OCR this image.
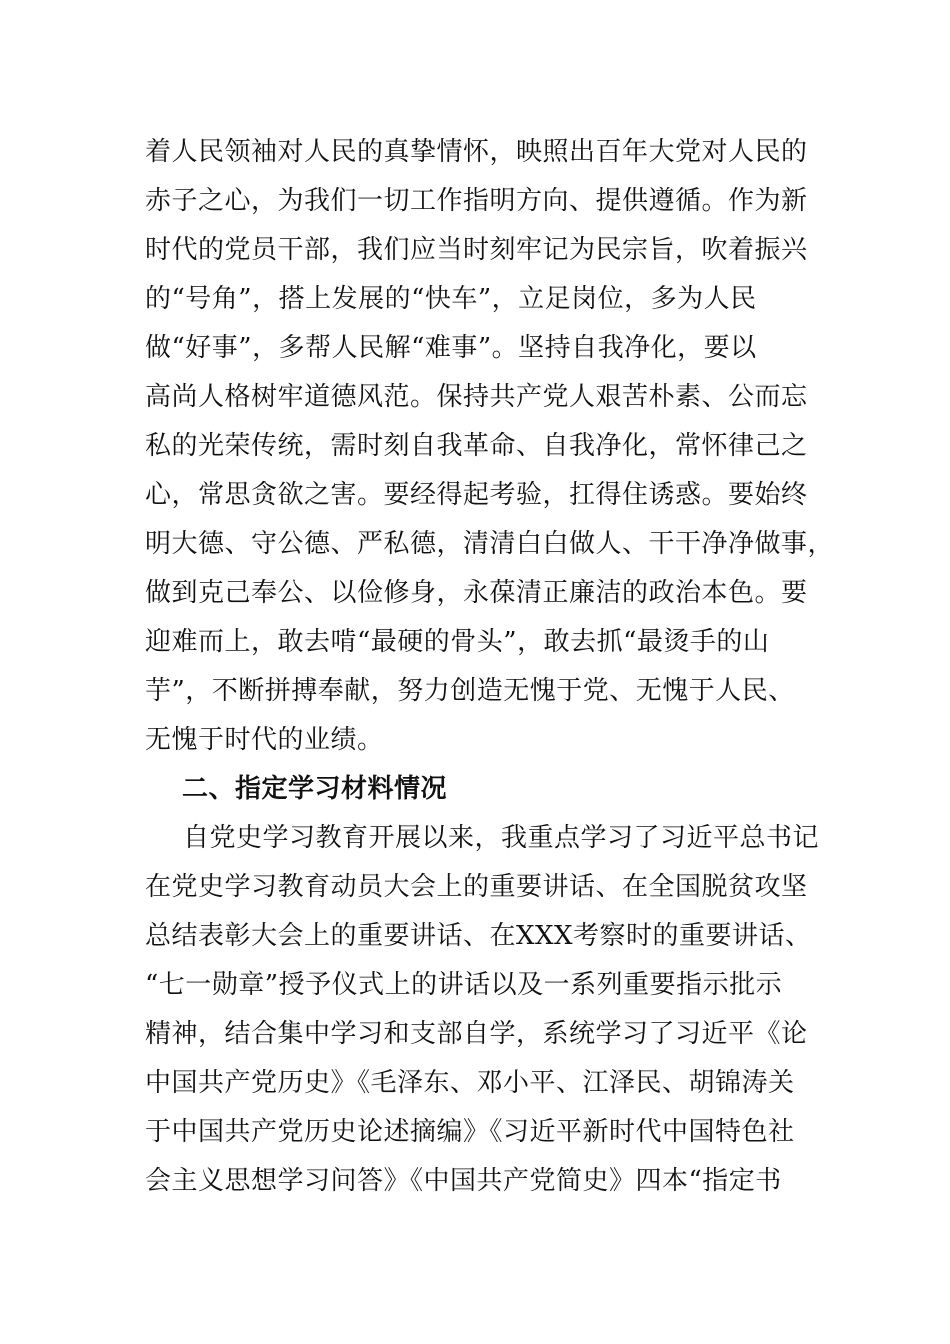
着人民领袖对人民的真挚情怀，映照出百年大党对人民的
赤子之心，为我们一切工作指明方向、提供遵循。作为新
时代的党员干部，我们应当时刻牢记为民宗旨，吹着振兴
的“号角”，搭上发展的“快车”，立足岗位，多为人民
做“好事”，多帮人民解“难事”。坚持自我净化，要以
高尚人格树牢道德风范。保持共产党人艰苦朴素、公而忘
私的光荣传统，需时刻自我革命、自我净化，常怀律己之
心，常思贪欲之害。要经得起考验，扛得住诱惑。要始终
明大德、守公德、严私德，清清白白做人、干干净净做事，
做到克己奉公、以俭修身，永葆清正廉洁的政治本色。要
迎难而上，敢去啃“最硬的骨头”，敢去抓“最烫手的山
芋”，不断拼搏奉献，努力创造无愧于党、无愧于人民、
无愧于时代的业绩。
二、指定学习材料情况
自党史学习教育开展以来，我重点学习了习近平总书记
在党史学习教育动员大会上的重要讲话、在全国脱贫攻坚
总结表彰大会上的重要讲话、在XXX考察时的重要讲话、
“七一勋章”授予仪式上的讲话以及一系列重要指示批示
精神，结合集中学习和支部自学，系统学习了习近平《论
中国共产党历史》《毛泽东、邓小平、江泽民、胡锦涛关
于中国共产党历史论述摘编》《习近平新时代中国特色社
会主义思想学习问答》《中国共产党简史》四本“指定书
